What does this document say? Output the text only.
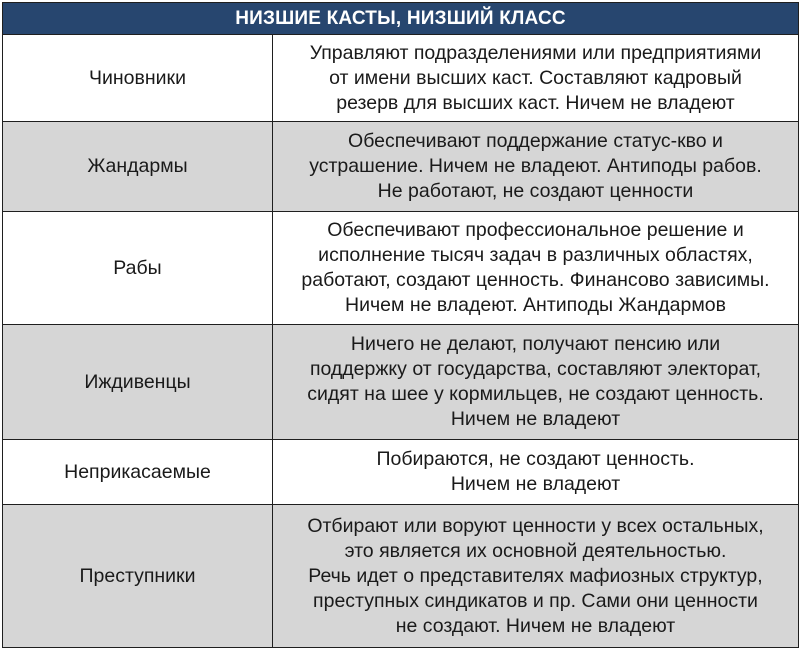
НИЗШИЕ КАСТЫ, НИЗШИЙ КЛАСС	
Чиновники	Управляют подразделениями или предприятиями
от имени высших каст. Составляют кадровый
резерв для высших каст. Ничем не владеют

Жандармы	Обеспечивают поддержание статус-кво и
устрашение. Ничем не владеют. Антиподы рабов.
Не работают, не создают ценности

Рабы	Обеспечивают профессиональное решение и
исполнение тысяч задач в различных областях,
работают, создают ценность. Финансово зависимы.
Ничем не владеют. Антиподы Жандармов

Иждивенцы	Ничего не делают, получают пенсию или
поддержку от государства, составляют электорат,
сидят на шее у кормильцев, не создают ценность.
Ничем не владеют

Неприкасаемые	Побираются, не создают ценность.
Ничем не владеют

Преступники	Отбирают или воруют ценности у всех остальных,
это является их основной деятельностью.
Речь идет о представителях мафиозных структур,
преступных синдикатов и пр. Сами они ценности
не создают. Ничем не владеют
